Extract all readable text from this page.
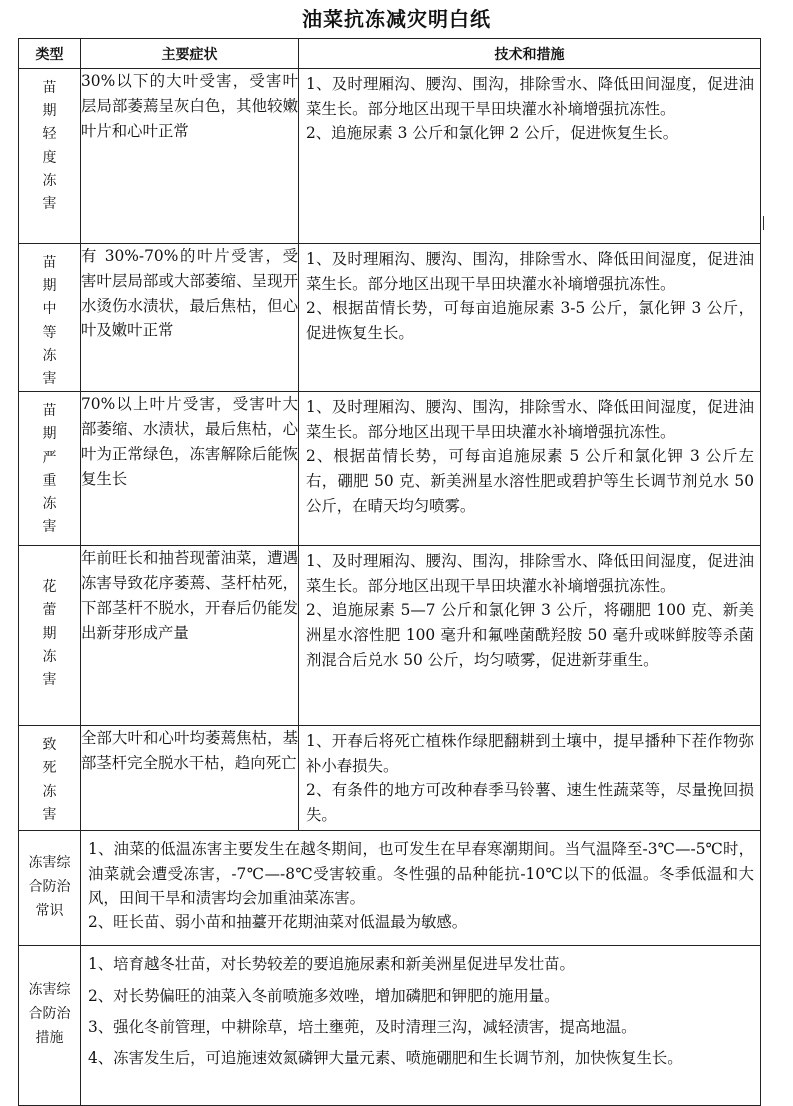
油菜抗冻减灾明白纸
类型	主要症状	技术和措施

苗期轻度冻害	30%以下的大叶受害，受害叶层局部萎蔫呈灰白色，其他较嫩叶片和心叶正常	1、及时理厢沟、腰沟、围沟，排除雪水、降低田间湿度，促进油菜生长。部分地区出现干旱田块灌水补墒增强抗冻性。

2、追施尿素 3 公斤和氯化钾 2 公斤，促进恢复生长。

苗期中等冻害	有 30%-70%的叶片受害，受害叶层局部或大部萎缩、呈现开水烫伤水渍状，最后焦枯，但心叶及嫩叶正常	1、及时理厢沟、腰沟、围沟，排除雪水、降低田间湿度，促进油菜生长。部分地区出现干旱田块灌水补墒增强抗冻性。

2、根据苗情长势，可每亩追施尿素 3-5 公斤，氯化钾 3 公斤，促进恢复生长。

苗期严重冻害	70%以上叶片受害，受害叶大部萎缩、水渍状，最后焦枯，心叶为正常绿色，冻害解除后能恢复生长	1、及时理厢沟、腰沟、围沟，排除雪水、降低田间湿度，促进油菜生长。部分地区出现干旱田块灌水补墒增强抗冻性。

2、根据苗情长势，可每亩追施尿素 5 公斤和氯化钾 3 公斤左右，硼肥 50 克、新美洲星水溶性肥或碧护等生长调节剂兑水 50 公斤，在晴天均匀喷雾。

花蕾期冻害	年前旺长和抽苔现蕾油菜，遭遇冻害导致花序萎蔫、茎杆枯死，下部茎杆不脱水，开春后仍能发出新芽形成产量	1、及时理厢沟、腰沟、围沟，排除雪水、降低田间湿度，促进油菜生长。部分地区出现干旱田块灌水补墒增强抗冻性。

2、追施尿素 5—7 公斤和氯化钾 3 公斤，将硼肥 100 克、新美洲星水溶性肥 100 毫升和氟唑菌酰羟胺 50 毫升或咪鲜胺等杀菌剂混合后兑水 50 公斤，均匀喷雾，促进新芽重生。

致死冻害	全部大叶和心叶均萎蔫焦枯，基部茎杆完全脱水干枯，趋向死亡	1、开春后将死亡植株作绿肥翻耕到土壤中，提早播种下茬作物弥补小春损失。

2、有条件的地方可改种春季马铃薯、速生性蔬菜等，尽量挽回损失。

冻害综合防治常识	1、油菜的低温冻害主要发生在越冬期间，也可发生在早春寒潮期间。当气温降至-3℃—-5℃时，油菜就会遭受冻害，-7℃—-8℃受害较重。冬性强的品种能抗-10℃以下的低温。冬季低温和大风，田间干旱和渍害均会加重油菜冻害。

2、旺长苗、弱小苗和抽薹开花期油菜对低温最为敏感。	

冻害综合防治措施	1、培育越冬壮苗，对长势较差的要追施尿素和新美洲星促进早发壮苗。

2、对长势偏旺的油菜入冬前喷施多效唑，增加磷肥和钾肥的施用量。

3、强化冬前管理，中耕除草，培土壅蔸，及时清理三沟，减轻渍害，提高地温。

4、冻害发生后，可追施速效氮磷钾大量元素、喷施硼肥和生长调节剂，加快恢复生长。	
